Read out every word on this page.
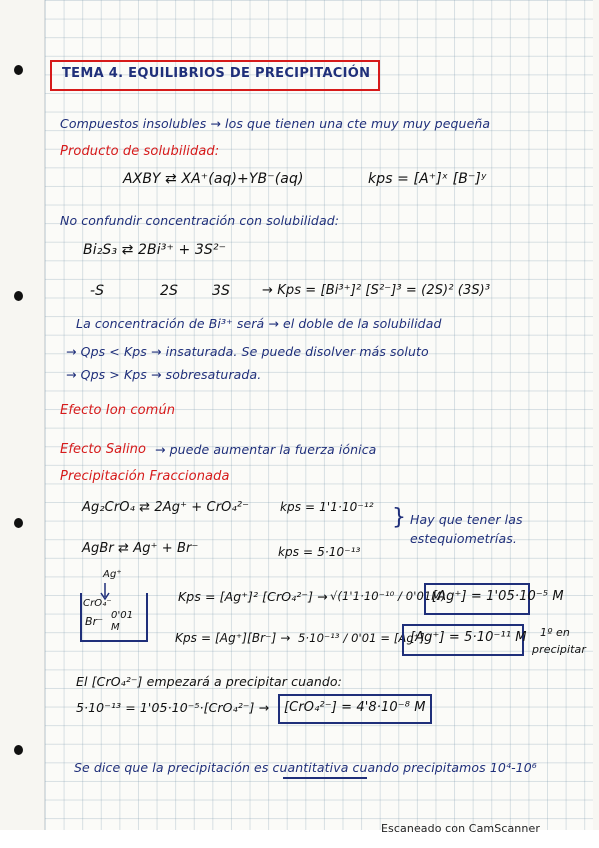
TEMA 4. EQUILIBRIOS DE PRECIPITACIÓN
Compuestos insolubles → los que tienen una cte muy muy pequeña
Producto de solubilidad:
AXBY ⇄ XA⁺(aq)+YB⁻(aq)	kps = [A⁺]ˣ [B⁻]ʸ
No confundir concentración con solubilidad:
Bi₂S₃ ⇄ 2Bi³⁺ + 3S²⁻
-S	2S 3S → Kps = [Bi³⁺]² [S²⁻]³ = (2S)² (3S)³
La concentración de Bi³⁺ será → el doble de la solubilidad
→ Qps < Kps → insaturada. Se puede disolver más soluto
→ Qps > Kps → sobresaturada.
Efecto Ion común
Efecto Salino → puede aumentar la fuerza iónica
Precipitación Fraccionada
Ag₂CrO₄ ⇄ 2Ag⁺ + CrO₄²⁻	kps = 1'1·10⁻¹² } Hay que tener las
estequiometrías.
AgBr ⇄ Ag⁺ + Br⁻	kps = 5·10⁻¹³
Ag⁺
CrO₄⁻
Br⁻ 0'01 M
Kps = [Ag⁺]² [CrO₄²⁻] → √(1'1·10⁻¹⁰ / 0'01M)
[Ag⁺] = 1'05·10⁻⁵ M
Kps = [Ag⁺][Br⁻] → 5·10⁻¹³ / 0'01 = [Ag⁺] ;
[Ag⁺] = 5·10⁻¹¹ M 1º en
precipitar
El [CrO₄²⁻] empezará a precipitar cuando:
5·10⁻¹³ = 1'05·10⁻⁵·[CrO₄²⁻] → [CrO₄²⁻] = 4'8·10⁻⁸ M
Se dice que la precipitación es cuantitativa cuando precipitamos 10⁴-10⁶
Escaneado con CamScanner
